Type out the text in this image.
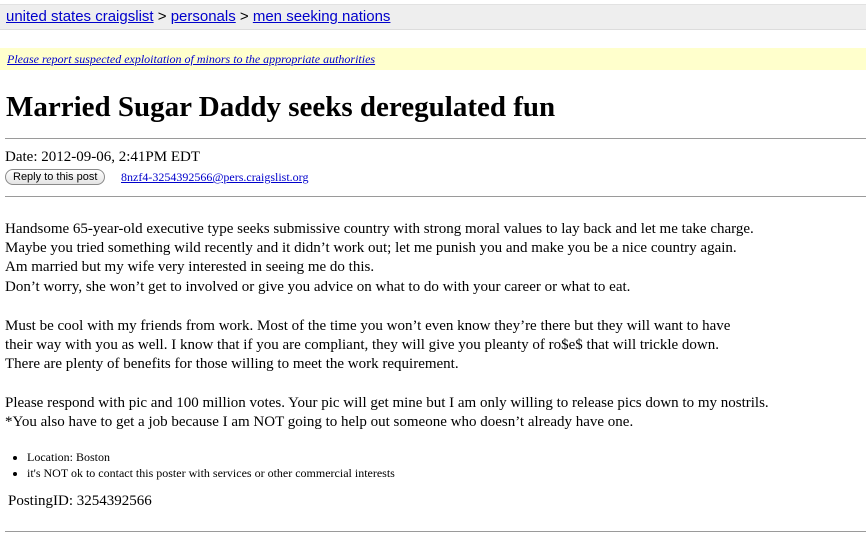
united states craigslist > personals > men seeking nations
Please report suspected exploitation of minors to the appropriate authorities
Married Sugar Daddy seeks deregulated fun
Date: 2012-09-06, 2:41PM EDT
Reply to this post	8nzf4-3254392566@pers.craigslist.org

Handsome 65-year-old executive type seeks submissive country with strong moral values to lay back and let me take charge.

Maybe you tried something wild recently and it didn’t work out; let me punish you and make you be a nice country again.

Am married but my wife very interested in seeing me do this.

Don’t worry, she won’t get to involved or give you advice on what to do with your career or what to eat.

Must be cool with my friends from work. Most of the time you won’t even know they’re there but they will want to have

their way with you as well. I know that if you are compliant, they will give you pleanty of ro$e$ that will trickle down.

There are plenty of benefits for those willing to meet the work requirement.

Please respond with pic and 100 million votes. Your pic will get mine but I am only willing to release pics down to my nostrils.

*You also have to get a job because I am NOT going to help out someone who doesn’t already have one.

• Location: Boston
• it's NOT ok to contact this poster with services or other commercial interests
PostingID: 3254392566
